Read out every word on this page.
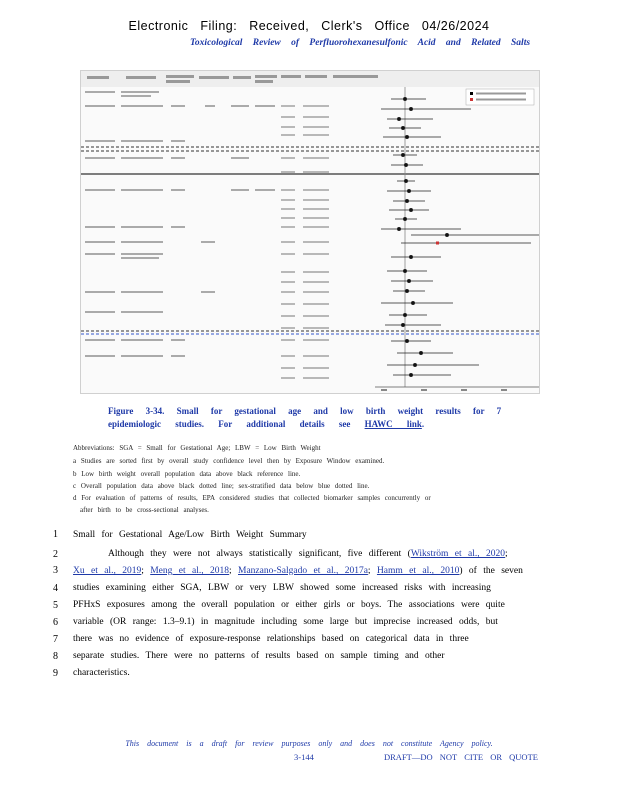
Electronic Filing: Received, Clerk's Office 04/26/2024
Toxicological Review of Perfluorohexanesulfonic Acid and Related Salts
Figure 3-34. Small for gestational age and low birth weight results for 7
epidemiologic studies. For additional details see HAWC link.
Abbreviations: SGA = Small for Gestational Age; LBW = Low Birth Weight
a Studies are sorted first by overall study confidence level then by Exposure Window examined.
b Low birth weight overall population data above black reference line.
c Overall population data above black dotted line; sex-stratified data below blue dotted line.
d For evaluation of patterns of results, EPA considered studies that collected biomarker samples concurrently or
after birth to be cross-sectional analyses.
1
2
3
4
5
6
7
8
9
Small for Gestational Age/Low Birth Weight Summary
Although they were not always statistically significant, five different (Wikström et al., 2020;
Xu et al., 2019; Meng et al., 2018; Manzano-Salgado et al., 2017a; Hamm et al., 2010) of the seven
studies examining either SGA, LBW or very LBW showed some increased risks with increasing
PFHxS exposures among the overall population or either girls or boys. The associations were quite
variable (OR range: 1.3–9.1) in magnitude including some large but imprecise increased odds, but
there was no evidence of exposure-response relationships based on categorical data in three
separate studies. There were no patterns of results based on sample timing and other
characteristics.
This document is a draft for review purposes only and does not constitute Agency policy.
3-144	DRAFT—DO NOT CITE OR QUOTE
